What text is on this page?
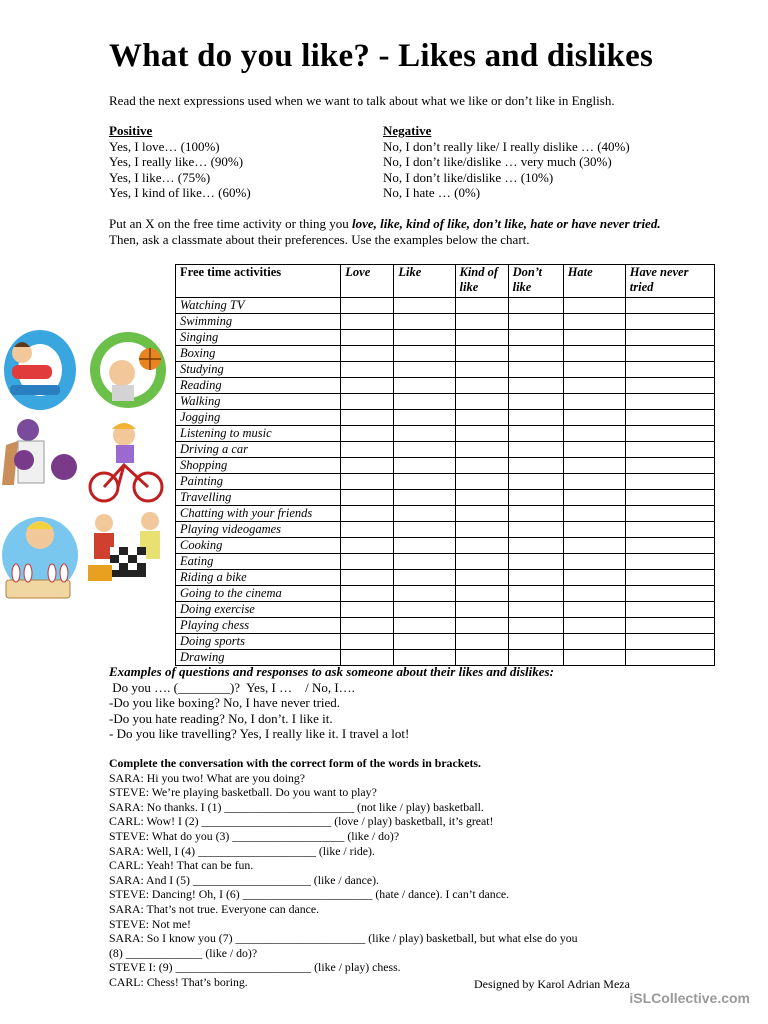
What do you like? - Likes and dislikes
Read the next expressions used when we want to talk about what we like or don’t like in English.
Positive
Yes, I love… (100%)
Yes, I really like… (90%)
Yes, I like… (75%)
Yes, I kind of like… (60%)
Negative
No, I don’t really like/ I really dislike … (40%)
No, I don’t like/dislike … very much (30%)
No, I don’t like/dislike … (10%)
No, I hate … (0%)
Put an X on the free time activity or thing you love, like, kind of like, don’t like, hate or have never tried.
Then, ask a classmate about their preferences. Use the examples below the chart.
Free time activities	Love	Like	Kind of like	Don’t like	Hate	Have never tried
Watching TV						
Swimming						
Singing						
Boxing						
Studying						
Reading						
Walking						
Jogging						
Listening to music						
Driving a car						
Shopping						
Painting						
Travelling						
Chatting with your friends						
Playing videogames						
Cooking						
Eating						
Riding a bike						
Going to the cinema						
Doing exercise						
Playing chess						
Doing sports						
Drawing						
Examples of questions and responses to ask someone about their likes and dislikes:
Do you …. (________)?  Yes, I …    / No, I….
-Do you like boxing? No, I have never tried.
-Do you hate reading? No, I don’t. I like it.
- Do you like travelling? Yes, I really like it. I travel a lot!
Complete the conversation with the correct form of the words in brackets.
SARA: Hi you two! What are you doing?
STEVE: We’re playing basketball. Do you want to play?
SARA: No thanks. I (1) ______________________ (not like / play) basketball.
CARL: Wow! I (2) ______________________ (love / play) basketball, it’s great!
STEVE: What do you (3) ___________________ (like / do)?
SARA: Well, I (4) ____________________ (like / ride).
CARL: Yeah! That can be fun.
SARA: And I (5) ____________________ (like / dance).
STEVE: Dancing! Oh, I (6) ______________________ (hate / dance). I can’t dance.
SARA: That’s not true. Everyone can dance.
STEVE: Not me!
SARA: So I know you (7) ______________________ (like / play) basketball, but what else do you
(8) _____________ (like / do)?
STEVE I: (9) _______________________ (like / play) chess.
CARL: Chess! That’s boring.	Designed by Karol Adrian Meza
iSLCollective.com
